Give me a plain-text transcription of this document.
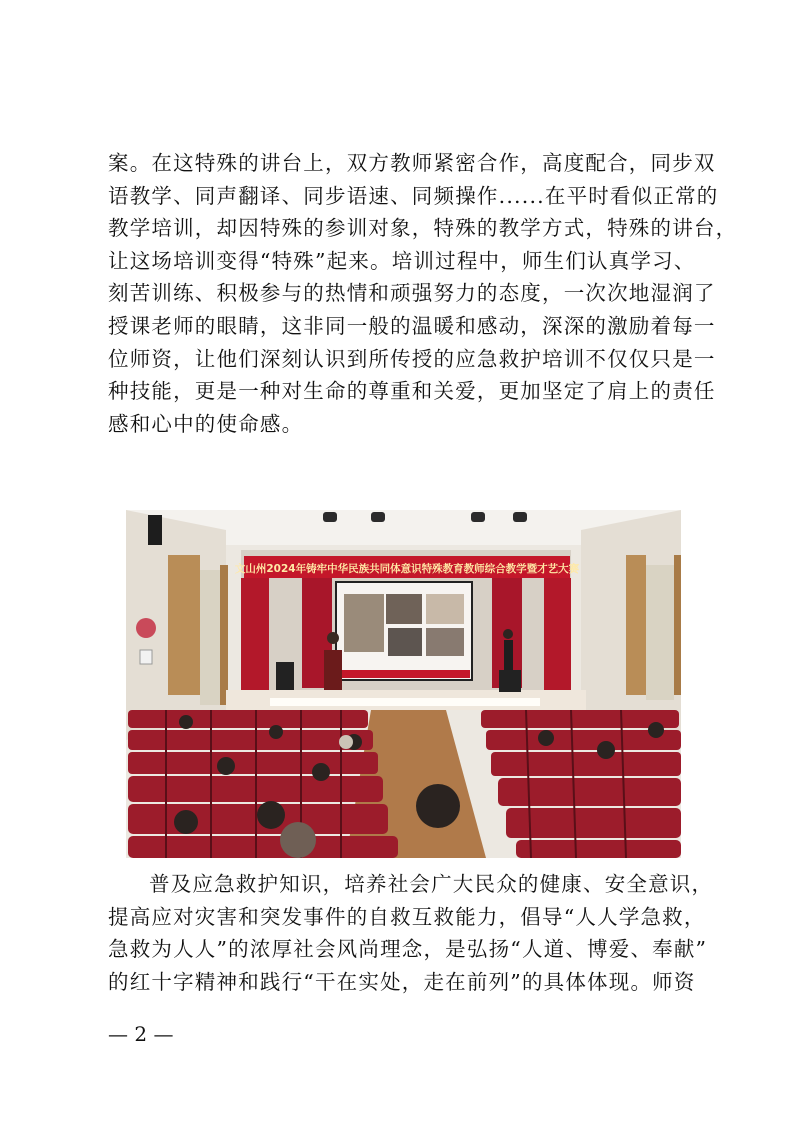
案。在这特殊的讲台上，双方教师紧密合作，高度配合，同步双
语教学、同声翻译、同步语速、同频操作......在平时看似正常的
教学培训，却因特殊的参训对象，特殊的教学方式，特殊的讲台，
让这场培训变得“特殊”起来。培训过程中，师生们认真学习、
刻苦训练、积极参与的热情和顽强努力的态度，一次次地湿润了
授课老师的眼睛，这非同一般的温暖和感动，深深的激励着每一
位师资，让他们深刻认识到所传授的应急救护培训不仅仅只是一
种技能，更是一种对生命的尊重和关爱，更加坚定了肩上的责任
感和心中的使命感。
文山州2024年铸牢中华民族共同体意识特殊教育教师综合教学暨才艺大赛
普及应急救护知识，培养社会广大民众的健康、安全意识，
提高应对灾害和突发事件的自救互救能力，倡导“人人学急救，
急救为人人”的浓厚社会风尚理念，是弘扬“人道、博爱、奉献”
的红十字精神和践行“干在实处，走在前列”的具体体现。师资
— 2 —
